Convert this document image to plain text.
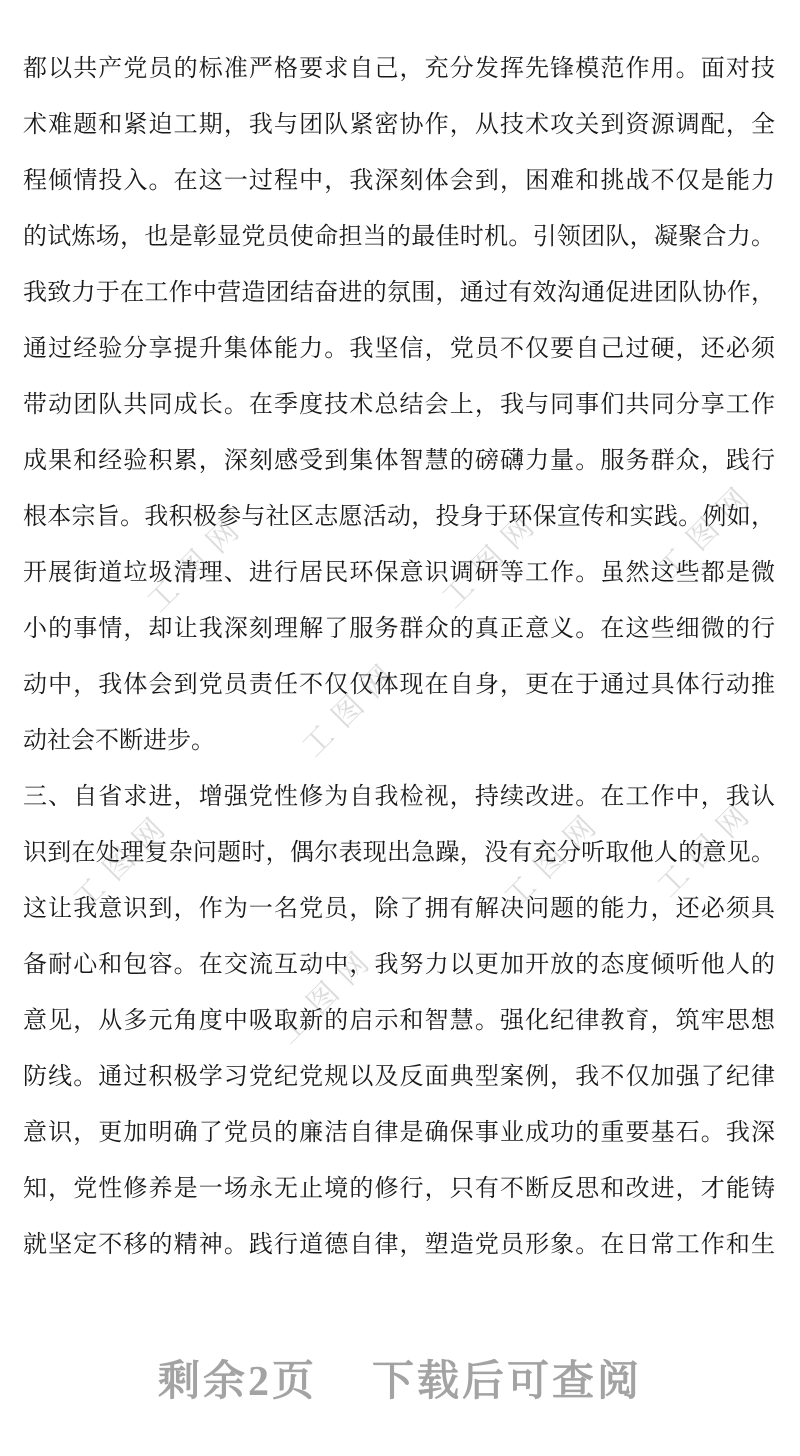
工图网	工图网
工图网
工图网	工图网 工图网
工图网
工图网
都以共产党员的标准严格要求自己，充分发挥先锋模范作用。面对技
术难题和紧迫工期，我与团队紧密协作，从技术攻关到资源调配，全
程倾情投入。在这一过程中，我深刻体会到，困难和挑战不仅是能力
的试炼场，也是彰显党员使命担当的最佳时机。引领团队，凝聚合力。
我致力于在工作中营造团结奋进的氛围，通过有效沟通促进团队协作，
通过经验分享提升集体能力。我坚信，党员不仅要自己过硬，还必须
带动团队共同成长。在季度技术总结会上，我与同事们共同分享工作
成果和经验积累，深刻感受到集体智慧的磅礴力量。服务群众，践行
根本宗旨。我积极参与社区志愿活动，投身于环保宣传和实践。例如，
开展街道垃圾清理、进行居民环保意识调研等工作。虽然这些都是微
小的事情，却让我深刻理解了服务群众的真正意义。在这些细微的行
动中，我体会到党员责任不仅仅体现在自身，更在于通过具体行动推
动社会不断进步。
三、自省求进，增强党性修为自我检视，持续改进。在工作中，我认
识到在处理复杂问题时，偶尔表现出急躁，没有充分听取他人的意见。
这让我意识到，作为一名党员，除了拥有解决问题的能力，还必须具
备耐心和包容。在交流互动中，我努力以更加开放的态度倾听他人的
意见，从多元角度中吸取新的启示和智慧。强化纪律教育，筑牢思想
防线。通过积极学习党纪党规以及反面典型案例，我不仅加强了纪律
意识，更加明确了党员的廉洁自律是确保事业成功的重要基石。我深
知，党性修养是一场永无止境的修行，只有不断反思和改进，才能铸
就坚定不移的精神。践行道德自律，塑造党员形象。在日常工作和生
剩余2页 下载后可查阅
